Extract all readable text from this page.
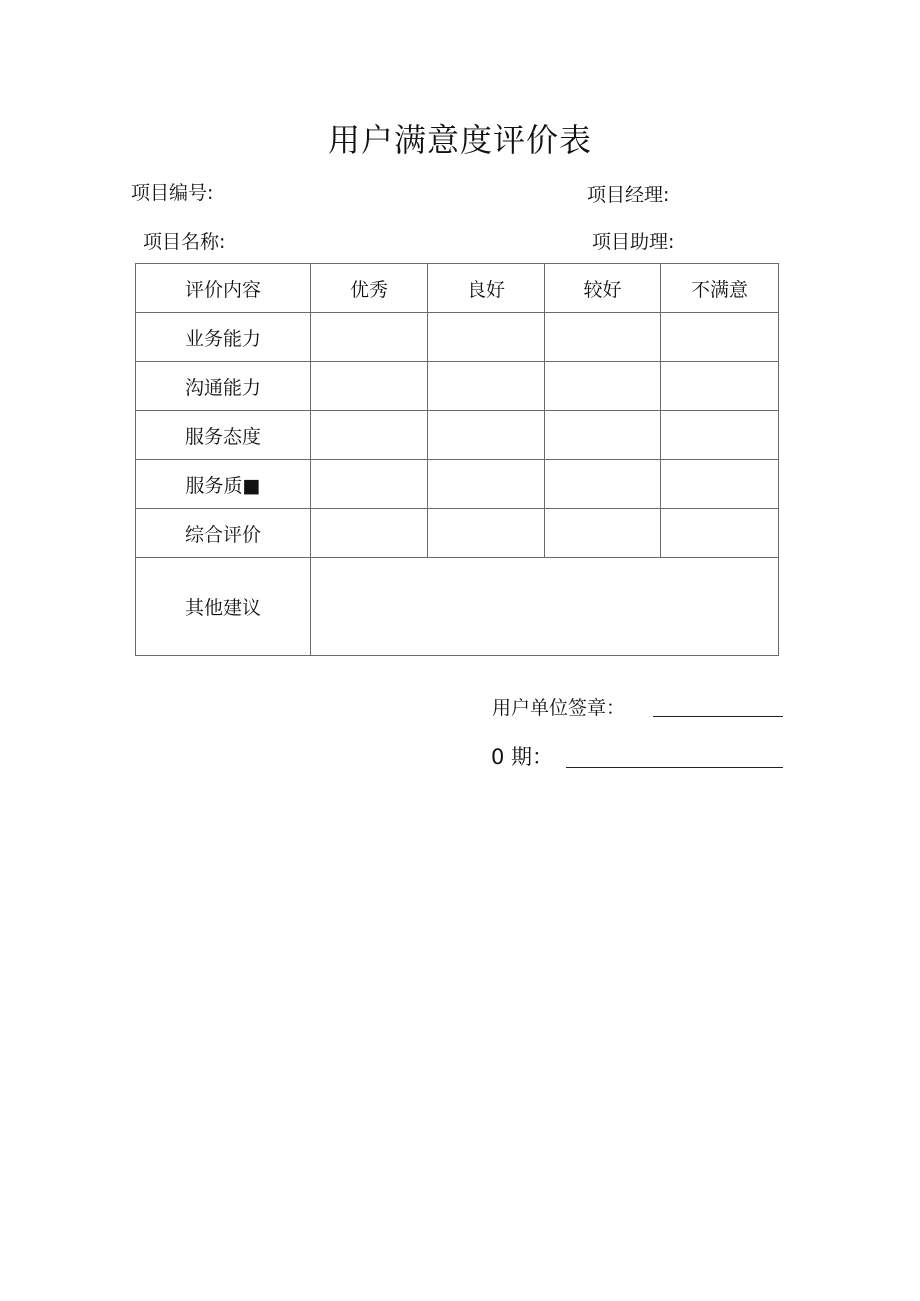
用户满意度评价表
项目编号:	项目经理:
项目名称:	项目助理:
评价内容	优秀	良好	较好	不满意
业务能力				
沟通能力				
服务态度				
服务质■				
综合评价				
其他建议				
用户单位签章：
0 期：
